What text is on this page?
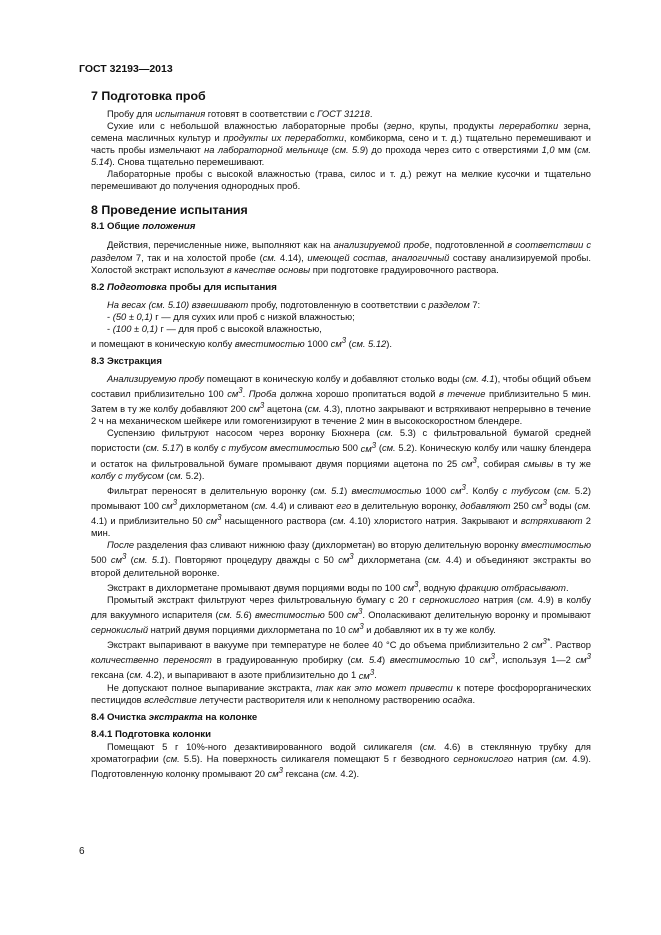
ГОСТ 32193—2013
7 Подготовка проб

Пробу для испытания готовят в соответствии с ГОСТ 31218.

Сухие или с небольшой влажностью лабораторные пробы (зерно, крупы, продукты переработки зерна, семена масличных культур и продукты их переработки, комбикорма, сено и т. д.) тщательно перемешивают и часть пробы измельчают на лабораторной мельнице (см. 5.9) до прохода через сито с отверстиями 1,0 мм (см. 5.14). Снова тщательно перемешивают.

Лабораторные пробы с высокой влажностью (трава, силос и т. д.) режут на мелкие кусочки и тщательно перемешивают до получения однородных проб.

8 Проведение испытания
8.1 Общие положения

Действия, перечисленные ниже, выполняют как на анализируемой пробе, подготовленной в соответствии с разделом 7, так и на холостой пробе (см. 4.14), имеющей состав, аналогичный составу анализируемой пробы. Холостой экстракт используют в качестве основы при подготовке градуировочного раствора.

8.2 Подготовка пробы для испытания

На весах (см. 5.10) взвешивают пробу, подготовленную в соответствии с разделом 7:

- (50 ± 0,1) г — для сухих или проб с низкой влажностью;

- (100 ± 0,1) г — для проб с высокой влажностью,

и помещают в коническую колбу вместимостью 1000 $см^3$ (см. 5.12).

8.3 Экстракция

Анализируемую пробу помещают в коническую колбу и добавляют столько воды (см. 4.1), чтобы общий объем составил приблизительно 100 $см^3$. Проба должна хорошо пропитаться водой в течение приблизительно 5 мин. Затем в ту же колбу добавляют 200 $см^3$ ацетона (см. 4.3), плотно закрывают и встряхивают непрерывно в течение 2 ч на механическом шейкере или гомогенизируют в течение 2 мин в высокоскоростном блендере.

Суспензию фильтруют насосом через воронку Бюхнера (см. 5.3) с фильтровальной бумагой средней пористости (см. 5.17) в колбу с тубусом вместимостью 500 $см^3$ (см. 5.2). Коническую колбу или чашку блендера и остаток на фильтровальной бумаге промывают двумя порциями ацетона по 25 $см^3$, собирая смывы в ту же колбу с тубусом (см. 5.2).

Фильтрат переносят в делительную воронку (см. 5.1) вместимостью 1000 $см^3$. Колбу с тубусом (см. 5.2) промывают 100 $см^3$ дихлорметаном (см. 4.4) и сливают его в делительную воронку, добавляют 250 $см^3$ воды (см. 4.1) и приблизительно 50 $см^3$ насыщенного раствора (см. 4.10) хлористого натрия. Закрывают и встряхивают 2 мин.

После разделения фаз сливают нижнюю фазу (дихлорметан) во вторую делительную воронку вместимостью 500 $см^3$ (см. 5.1). Повторяют процедуру дважды с 50 $см^3$ дихлорметана (см. 4.4) и объединяют экстракты во второй делительной воронке.

Экстракт в дихлорметане промывают двумя порциями воды по 100 $см^3$, водную фракцию отбрасывают.

Промытый экстракт фильтруют через фильтровальную бумагу с 20 г сернокислого натрия (см. 4.9) в колбу для вакуумного испарителя (см. 5.6) вместимостью 500 $см^3$. Ополаскивают делительную воронку и промывают сернокислый натрий двумя порциями дихлорметана по 10 $см^3$ и добавляют их в ту же колбу.

Экстракт выпаривают в вакууме при температуре не более 40 °С до объема приблизительно 2 $см^{3*}$. Раствор количественно переносят в градуированную пробирку (см. 5.4) вместимостью 10 $см^3$, используя 1—2 $см^3$ гексана (см. 4.2), и выпаривают в азоте приблизительно до 1 $см^3$.

Не допускают полное выпаривание экстракта, так как это может привести к потере фосфорорганических пестицидов вследствие летучести растворителя или к неполному растворению осадка.

8.4 Очистка экстракта на колонке
8.4.1 Подготовка колонки

Помещают 5 г 10%-ного дезактивированного водой силикагеля (см. 4.6) в стеклянную трубку для хроматографии (см. 5.5). На поверхность силикагеля помещают 5 г безводного сернокислого натрия (см. 4.9). Подготовленную колонку промывают 20 $см^3$ гексана (см. 4.2).

6
